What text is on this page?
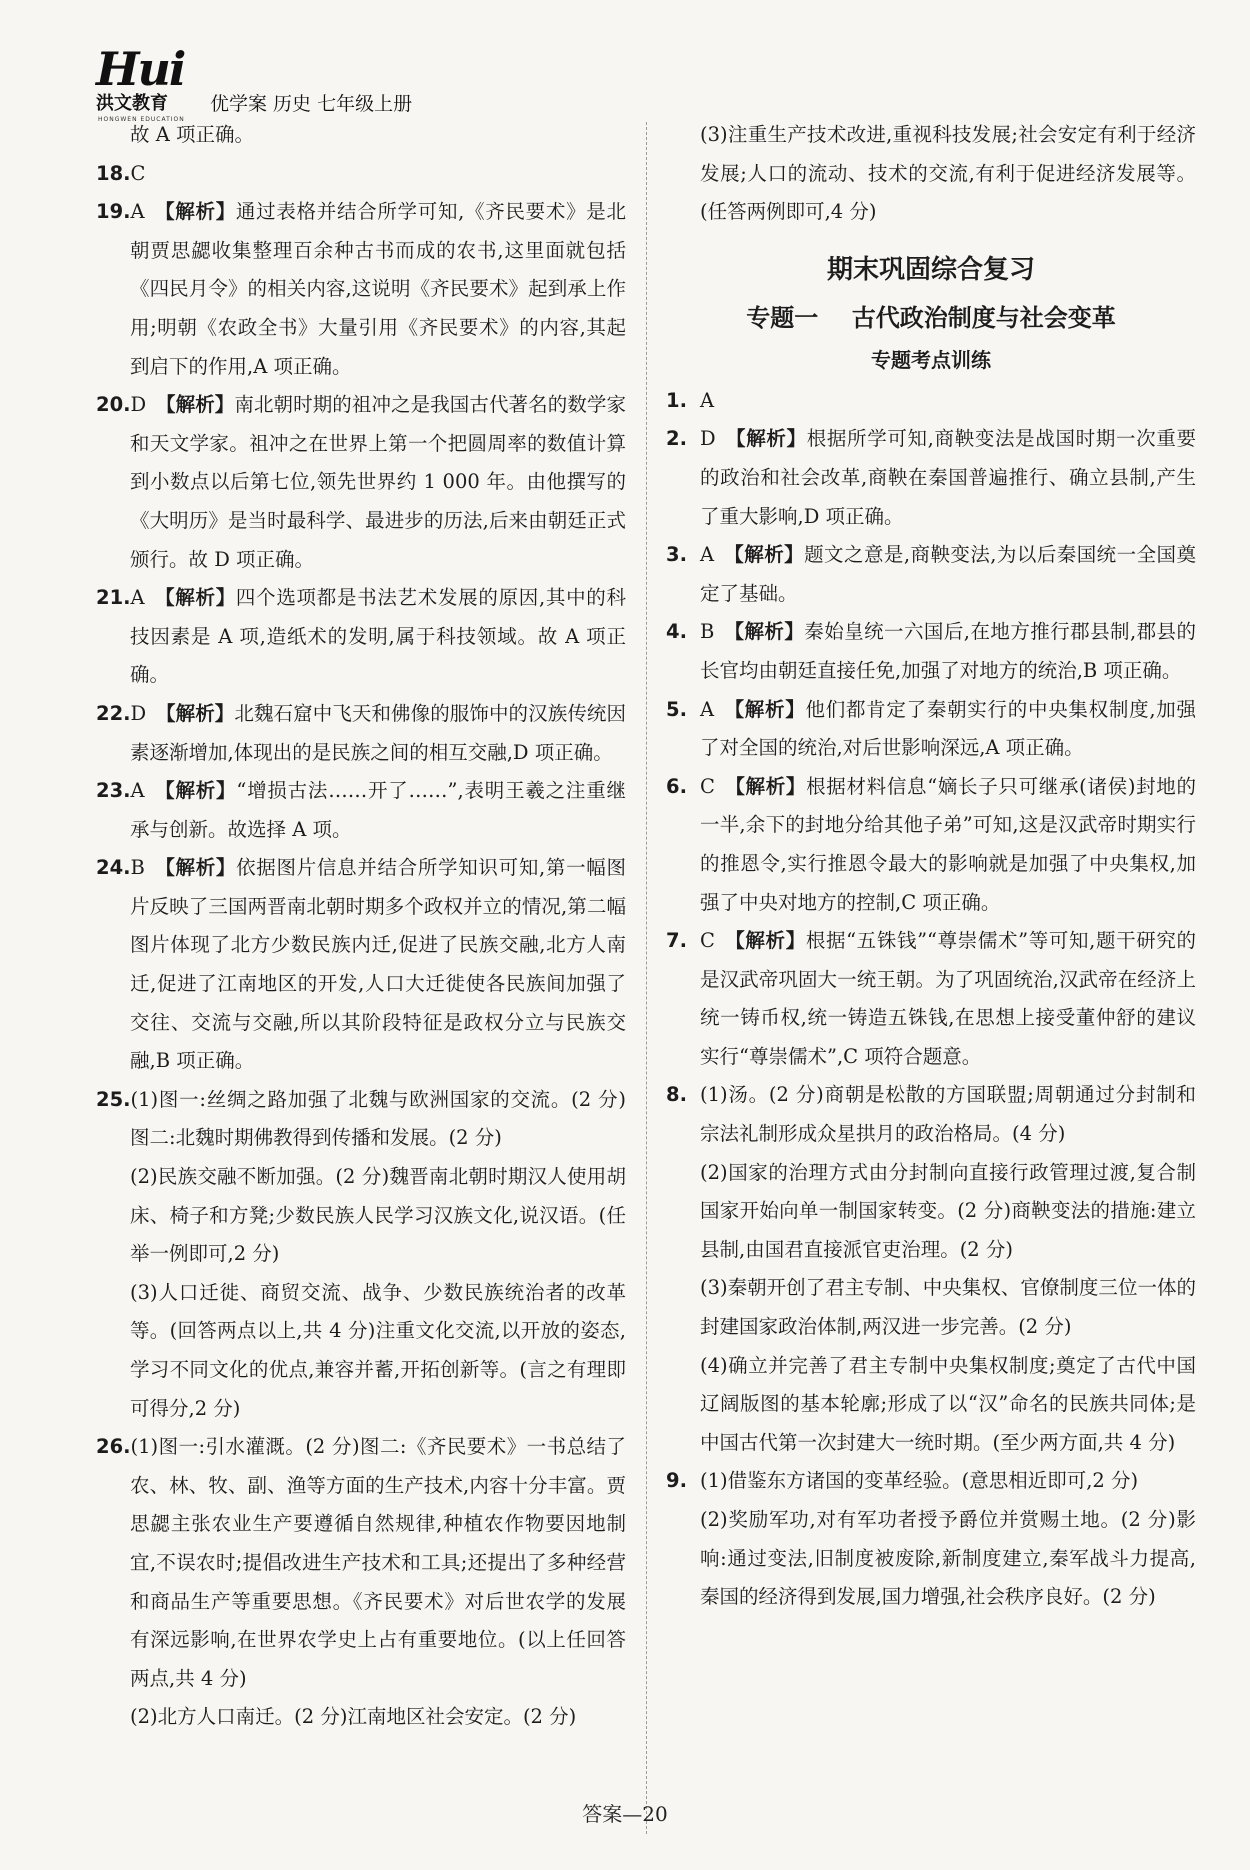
Hui
洪文教育
HONGWEN EDUCATION
优学案 历史 七年级上册

故 A 项正确。

18.C 

19.A  【解析】通过表格并结合所学可知,《齐民要术》是北朝贾思勰收集整理百余种古书而成的农书,这里面就包括《四民月令》的相关内容,这说明《齐民要术》起到承上作用;明朝《农政全书》大量引用《齐民要术》的内容,其起到启下的作用,A 项正确。

20.D  【解析】南北朝时期的祖冲之是我国古代著名的数学家和天文学家。祖冲之在世界上第一个把圆周率的数值计算到小数点以后第七位,领先世界约 1 000 年。由他撰写的《大明历》是当时最科学、最进步的历法,后来由朝廷正式颁行。故 D 项正确。

21.A  【解析】四个选项都是书法艺术发展的原因,其中的科技因素是 A 项,造纸术的发明,属于科技领域。故 A 项正确。

22.D  【解析】北魏石窟中飞天和佛像的服饰中的汉族传统因素逐渐增加,体现出的是民族之间的相互交融,D 项正确。

23.A  【解析】“增损古法……开了……”,表明王羲之注重继承与创新。故选择 A 项。

24.B  【解析】依据图片信息并结合所学知识可知,第一幅图片反映了三国两晋南北朝时期多个政权并立的情况,第二幅图片体现了北方少数民族内迁,促进了民族交融,北方人南迁,促进了江南地区的开发,人口大迁徙使各民族间加强了交往、交流与交融,所以其阶段特征是政权分立与民族交融,B 项正确。

25.(1)图一:丝绸之路加强了北魏与欧洲国家的交流。(2 分)图二:北魏时期佛教得到传播和发展。(2 分)

(2)民族交融不断加强。(2 分)魏晋南北朝时期汉人使用胡床、椅子和方凳;少数民族人民学习汉族文化,说汉语。(任举一例即可,2 分)

(3)人口迁徙、商贸交流、战争、少数民族统治者的改革等。(回答两点以上,共 4 分)注重文化交流,以开放的姿态,学习不同文化的优点,兼容并蓄,开拓创新等。(言之有理即可得分,2 分)

26.(1)图一:引水灌溉。(2 分)图二:《齐民要术》一书总结了农、林、牧、副、渔等方面的生产技术,内容十分丰富。贾思勰主张农业生产要遵循自然规律,种植农作物要因地制宜,不误农时;提倡改进生产技术和工具;还提出了多种经营和商品生产等重要思想。《齐民要术》对后世农学的发展有深远影响,在世界农学史上占有重要地位。(以上任回答两点,共 4 分)

(2)北方人口南迁。(2 分)江南地区社会安定。(2 分)

(3)注重生产技术改进,重视科技发展;社会安定有利于经济发展;人口的流动、技术的交流,有利于促进经济发展等。(任答两例即可,4 分)

期末巩固综合复习
专题一    古代政治制度与社会变革
专题考点训练

1. A 

2. D  【解析】根据所学可知,商鞅变法是战国时期一次重要的政治和社会改革,商鞅在秦国普遍推行、确立县制,产生了重大影响,D 项正确。

3. A  【解析】题文之意是,商鞅变法,为以后秦国统一全国奠定了基础。

4. B  【解析】秦始皇统一六国后,在地方推行郡县制,郡县的长官均由朝廷直接任免,加强了对地方的统治,B 项正确。

5. A  【解析】他们都肯定了秦朝实行的中央集权制度,加强了对全国的统治,对后世影响深远,A 项正确。

6. C  【解析】根据材料信息“嫡长子只可继承(诸侯)封地的一半,余下的封地分给其他子弟”可知,这是汉武帝时期实行的推恩令,实行推恩令最大的影响就是加强了中央集权,加强了中央对地方的控制,C 项正确。

7. C  【解析】根据“五铢钱”“尊崇儒术”等可知,题干研究的是汉武帝巩固大一统王朝。为了巩固统治,汉武帝在经济上统一铸币权,统一铸造五铢钱,在思想上接受董仲舒的建议实行“尊崇儒术”,C 项符合题意。

8. (1)汤。(2 分)商朝是松散的方国联盟;周朝通过分封制和宗法礼制形成众星拱月的政治格局。(4 分)

(2)国家的治理方式由分封制向直接行政管理过渡,复合制国家开始向单一制国家转变。(2 分)商鞅变法的措施:建立县制,由国君直接派官吏治理。(2 分)

(3)秦朝开创了君主专制、中央集权、官僚制度三位一体的封建国家政治体制,两汉进一步完善。(2 分)

(4)确立并完善了君主专制中央集权制度;奠定了古代中国辽阔版图的基本轮廓;形成了以“汉”命名的民族共同体;是中国古代第一次封建大一统时期。(至少两方面,共 4 分)

9. (1)借鉴东方诸国的变革经验。(意思相近即可,2 分)

(2)奖励军功,对有军功者授予爵位并赏赐土地。(2 分)影响:通过变法,旧制度被废除,新制度建立,秦军战斗力提高,秦国的经济得到发展,国力增强,社会秩序良好。(2 分)

答案—20
